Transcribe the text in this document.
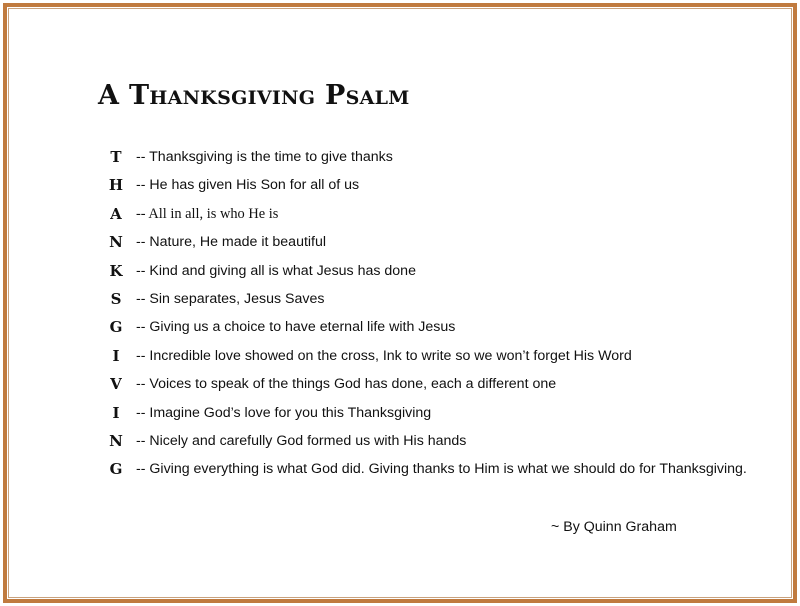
A Thanksgiving Psalm
T	-- Thanksgiving is the time to give thanks
H -- He has given His Son for all of us
A -- All in all, is who He is
N -- Nature, He made it beautiful
K -- Kind and giving all is what Jesus has done
S	-- Sin separates, Jesus Saves
G -- Giving us a choice to have eternal life with Jesus
I	-- Incredible love showed on the cross, Ink to write so we won’t forget His Word
V -- Voices to speak of the things God has done, each a different one
I	-- Imagine God’s love for you this Thanksgiving
N -- Nicely and carefully God formed us with His hands
G -- Giving everything is what God did. Giving thanks to Him is what we should do for Thanksgiving.
~ By Quinn Graham
